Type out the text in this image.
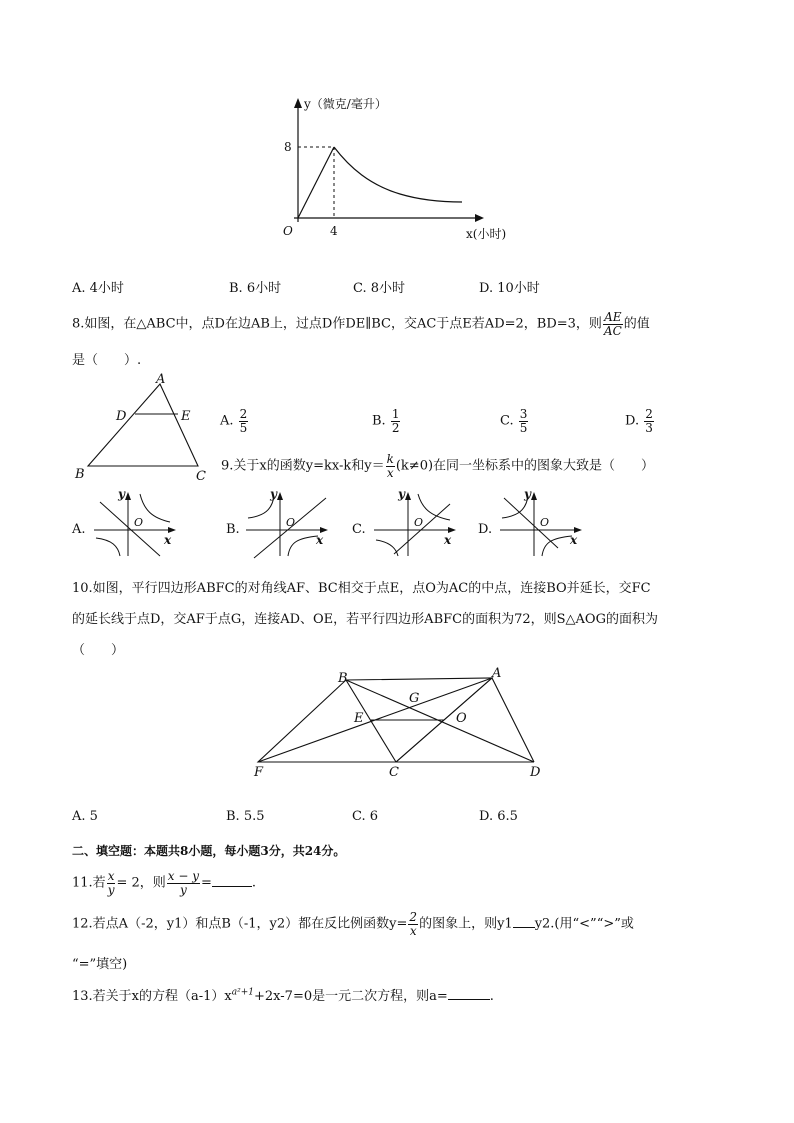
y（微克/毫升）
x(小时)
O
8
4
A. 4小时	B. 6小时	C. 8小时	D. 10小时
8.如图，在△ABC中，点D在边AB上，过点D作DE∥BC，交AC于点E若AD=2，BD=3，则 $\frac{AE}{AC}$ 的值
是（　　）.
A
D	E
B	C
A. $\frac{2}{5}$	B. $\frac{1}{2}$	C. $\frac{3}{5}$	D. $\frac{2}{3}$
9.关于x的函数y=kx-k和$y= \frac{k}{x} (k\ne 0)$在同一坐标系中的图象大致是（　　）
A.
y
x
O	B.
y
x
O	C.
y
x
O	D.
y
x
O
10.如图，平行四边形ABFC的对角线AF、BC相交于点E，点O为AC的中点，连接BO并延长，交FC
的延长线于点D，交AF于点G，连接AD、OE，若平行四边形ABFC的面积为72，则S△AOG的面积为
（　　）
B	A
G
E	O
F	C	D
A. 5	B. 5.5	C. 6	D. 6.5
二、填空题：本题共8小题，每小题3分，共24分。
11.若 $\frac{x}{y} = 2$，则 $\frac{x - y}{y}$ =	.
12.若点A（-2，y1）和点B（-1，y2）都在反比例函数$y= \frac{2}{x}$ 的图象上，则y1 y2.(用“<”“>”或
“=”填空)
13.若关于x的方程$(a-1)x^{a^2+1}+2x-7=0$是一元二次方程，则a=	.
